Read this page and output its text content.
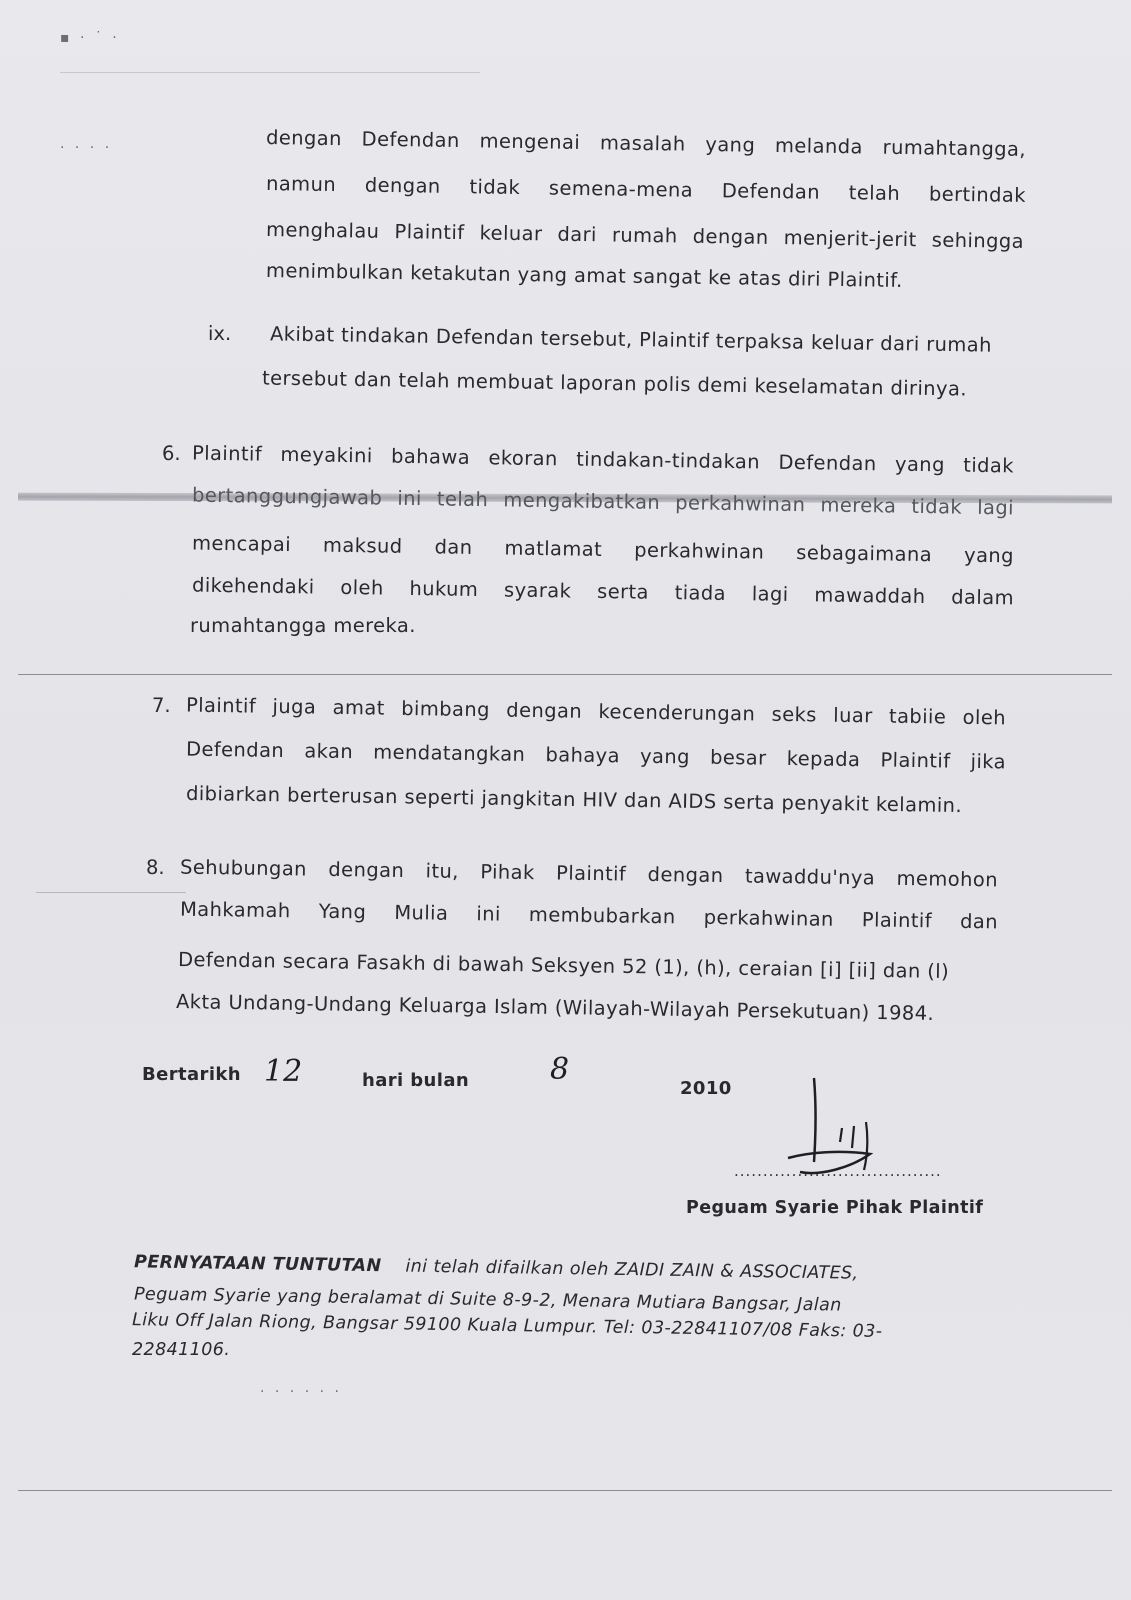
▪ · ˙ ·
· · · ·	dengan Defendan mengenai masalah yang melanda rumahtangga,
namun dengan tidak semena-mena Defendan telah bertindak
menghalau Plaintif keluar dari rumah dengan menjerit-jerit sehingga
menimbulkan ketakutan yang amat sangat ke atas diri Plaintif.
ix. Akibat tindakan Defendan tersebut, Plaintif terpaksa keluar dari rumah
tersebut dan telah membuat laporan polis demi keselamatan dirinya.
6. Plaintif meyakini bahawa ekoran tindakan-tindakan Defendan yang tidak
bertanggungjawab ini telah mengakibatkan perkahwinan mereka tidak lagi
mencapai maksud dan matlamat perkahwinan sebagaimana yang
dikehendaki oleh hukum syarak serta tiada lagi mawaddah dalam
rumahtangga mereka.
7. Plaintif juga amat bimbang dengan kecenderungan seks luar tabiie oleh
Defendan akan mendatangkan bahaya yang besar kepada Plaintif jika
dibiarkan berterusan seperti jangkitan HIV dan AIDS serta penyakit kelamin.
8. Sehubungan dengan itu, Pihak Plaintif dengan tawaddu'nya memohon
Mahkamah Yang Mulia ini membubarkan perkahwinan Plaintif dan
Defendan secara Fasakh di bawah Seksyen 52 (1), (h), ceraian [i] [ii] dan (l)
Akta Undang-Undang Keluarga Islam (Wilayah-Wilayah Persekutuan) 1984.
Bertarikh 12	hari bulan	8
2010
....................................
Peguam Syarie Pihak Plaintif
PERNYATAAN TUNTUTAN ini telah difailkan oleh ZAIDI ZAIN & ASSOCIATES,
Peguam Syarie yang beralamat di Suite 8-9-2, Menara Mutiara Bangsar, Jalan
Liku Off Jalan Riong, Bangsar 59100 Kuala Lumpur. Tel: 03-22841107/08 Faks: 03-
22841106.
· · · · · ·
